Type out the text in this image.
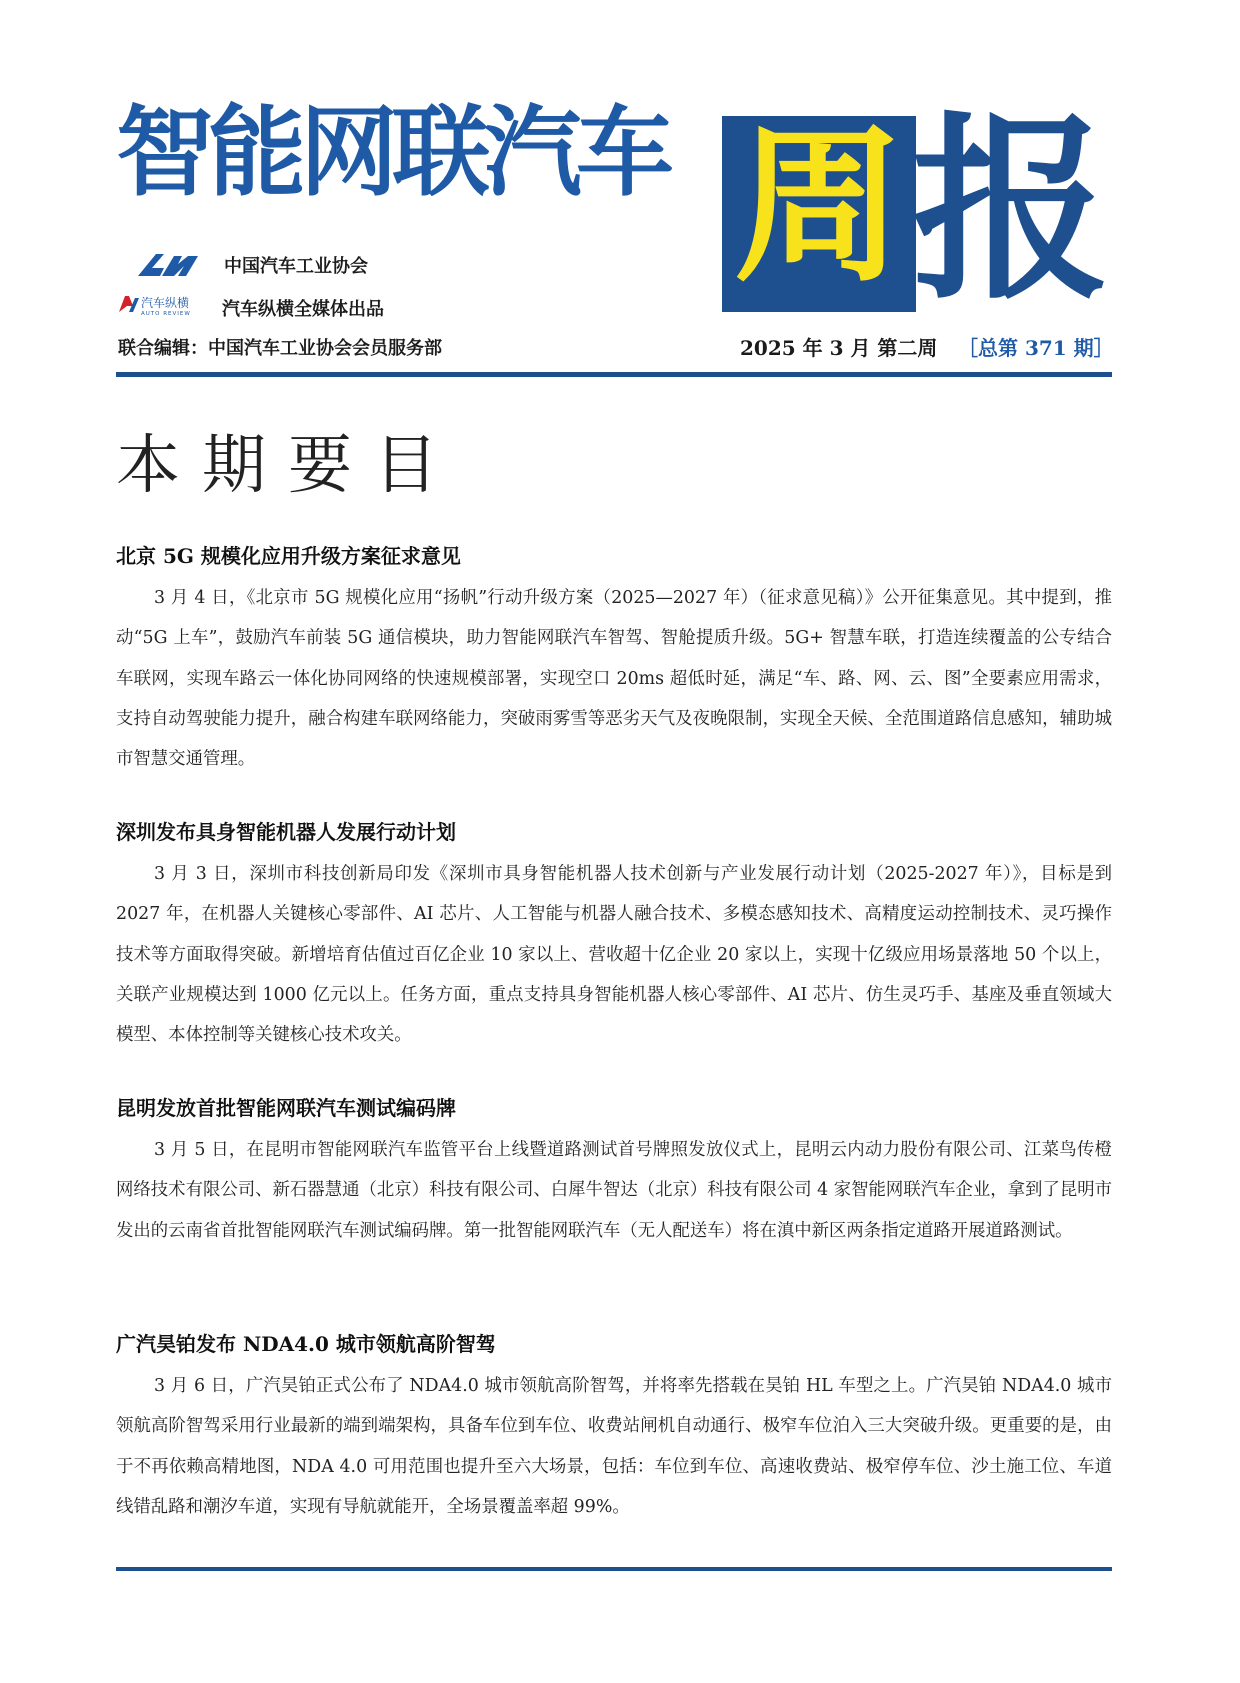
智能网联汽车 周 报
汽车纵横
AUTO REVIEW
中国汽车工业协会
汽车纵横全媒体出品
联合编辑：中国汽车工业协会会员服务部	2025 年 3 月 第二周 ［总第 371 期］
本期要目
北京 5G 规模化应用升级方案征求意见

3 月 4 日，《北京市 5G 规模化应用“扬帆”行动升级方案（2025—2027 年）（征求意见稿）》公开征集意见。其中提到，推动“5G 上车”，鼓励汽车前装 5G 通信模块，助力智能网联汽车智驾、智舱提质升级。5G+ 智慧车联，打造连续覆盖的公专结合车联网，实现车路云一体化协同网络的快速规模部署，实现空口 20ms 超低时延，满足“车、路、网、云、图”全要素应用需求，支持自动驾驶能力提升，融合构建车联网络能力，突破雨雾雪等恶劣天气及夜晚限制，实现全天候、全范围道路信息感知，辅助城市智慧交通管理。

深圳发布具身智能机器人发展行动计划

3 月 3 日，深圳市科技创新局印发《深圳市具身智能机器人技术创新与产业发展行动计划（2025-2027 年）》，目标是到 2027 年，在机器人关键核心零部件、AI 芯片、人工智能与机器人融合技术、多模态感知技术、高精度运动控制技术、灵巧操作技术等方面取得突破。新增培育估值过百亿企业 10 家以上、营收超十亿企业 20 家以上，实现十亿级应用场景落地 50 个以上，关联产业规模达到 1000 亿元以上。任务方面，重点支持具身智能机器人核心零部件、AI 芯片、仿生灵巧手、基座及垂直领域大模型、本体控制等关键核心技术攻关。

昆明发放首批智能网联汽车测试编码牌

3 月 5 日，在昆明市智能网联汽车监管平台上线暨道路测试首号牌照发放仪式上，昆明云内动力股份有限公司、江菜鸟传橙网络技术有限公司、新石器慧通（北京）科技有限公司、白犀牛智达（北京）科技有限公司 4 家智能网联汽车企业，拿到了昆明市发出的云南省首批智能网联汽车测试编码牌。第一批智能网联汽车（无人配送车）将在滇中新区两条指定道路开展道路测试。

广汽昊铂发布 NDA4.0 城市领航高阶智驾

3 月 6 日，广汽昊铂正式公布了 NDA4.0 城市领航高阶智驾，并将率先搭载在昊铂 HL 车型之上。广汽昊铂 NDA4.0 城市领航高阶智驾采用行业最新的端到端架构，具备车位到车位、收费站闸机自动通行、极窄车位泊入三大突破升级。更重要的是，由于不再依赖高精地图，NDA 4.0 可用范围也提升至六大场景，包括：车位到车位、高速收费站、极窄停车位、沙土施工位、车道线错乱路和潮汐车道，实现有导航就能开，全场景覆盖率超 99%。
